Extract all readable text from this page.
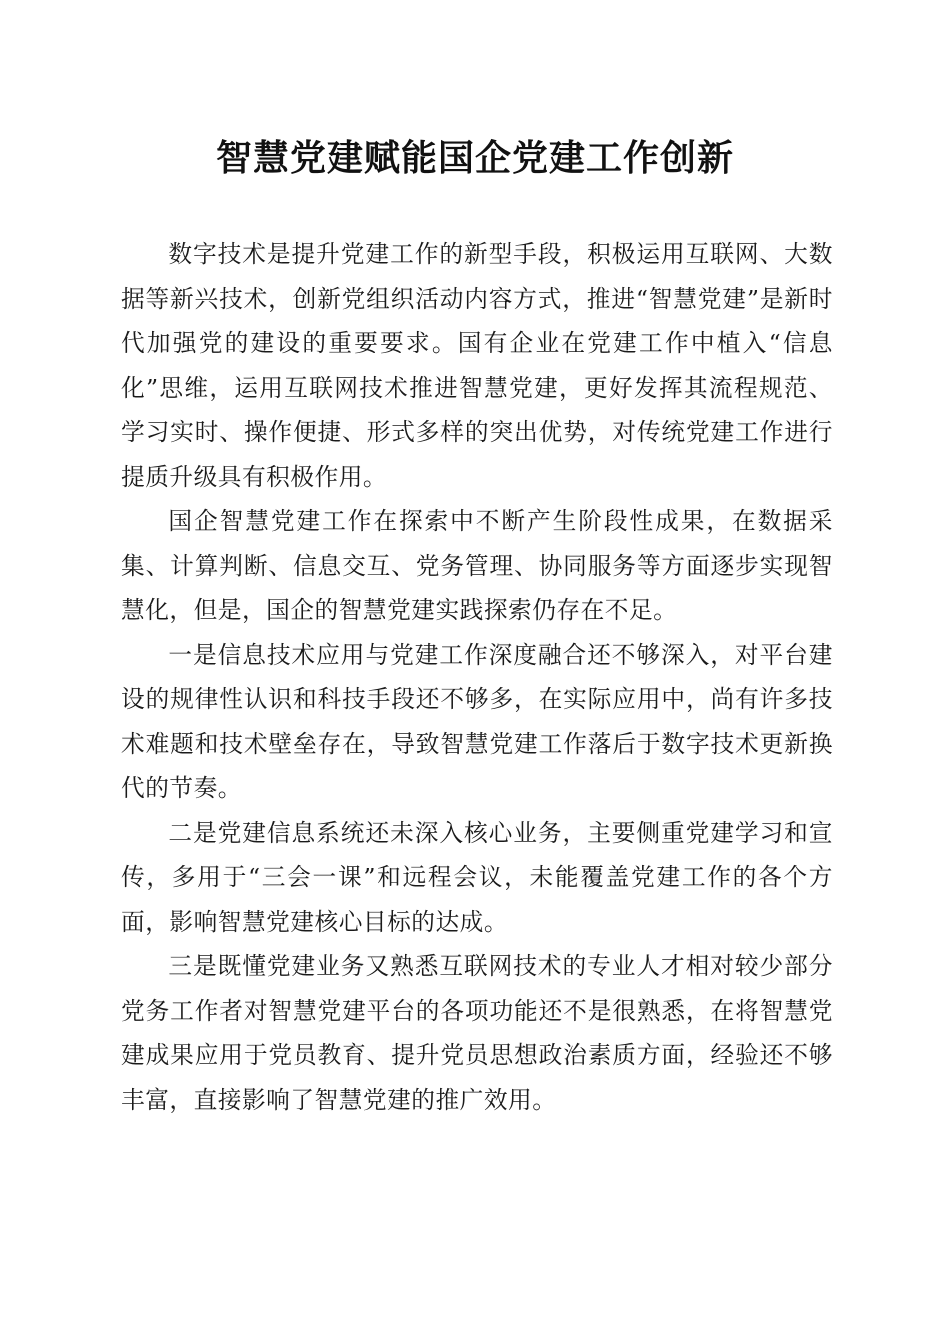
智慧党建赋能国企党建工作创新

数字技术是提升党建工作的新型手段，积极运用互联网、大数据等新兴技术，创新党组织活动内容方式，推进“智慧党建”是新时代加强党的建设的重要要求。国有企业在党建工作中植入“信息化”思维，运用互联网技术推进智慧党建，更好发挥其流程规范、学习实时、操作便捷、形式多样的突出优势，对传统党建工作进行提质升级具有积极作用。

国企智慧党建工作在探索中不断产生阶段性成果，在数据采集、计算判断、信息交互、党务管理、协同服务等方面逐步实现智慧化，但是，国企的智慧党建实践探索仍存在不足。

一是信息技术应用与党建工作深度融合还不够深入，对平台建设的规律性认识和科技手段还不够多，在实际应用中，尚有许多技术难题和技术壁垒存在，导致智慧党建工作落后于数字技术更新换代的节奏。

二是党建信息系统还未深入核心业务，主要侧重党建学习和宣传，多用于“三会一课”和远程会议，未能覆盖党建工作的各个方面，影响智慧党建核心目标的达成。

三是既懂党建业务又熟悉互联网技术的专业人才相对较少部分党务工作者对智慧党建平台的各项功能还不是很熟悉，在将智慧党建成果应用于党员教育、提升党员思想政治素质方面，经验还不够丰富，直接影响了智慧党建的推广效用。
